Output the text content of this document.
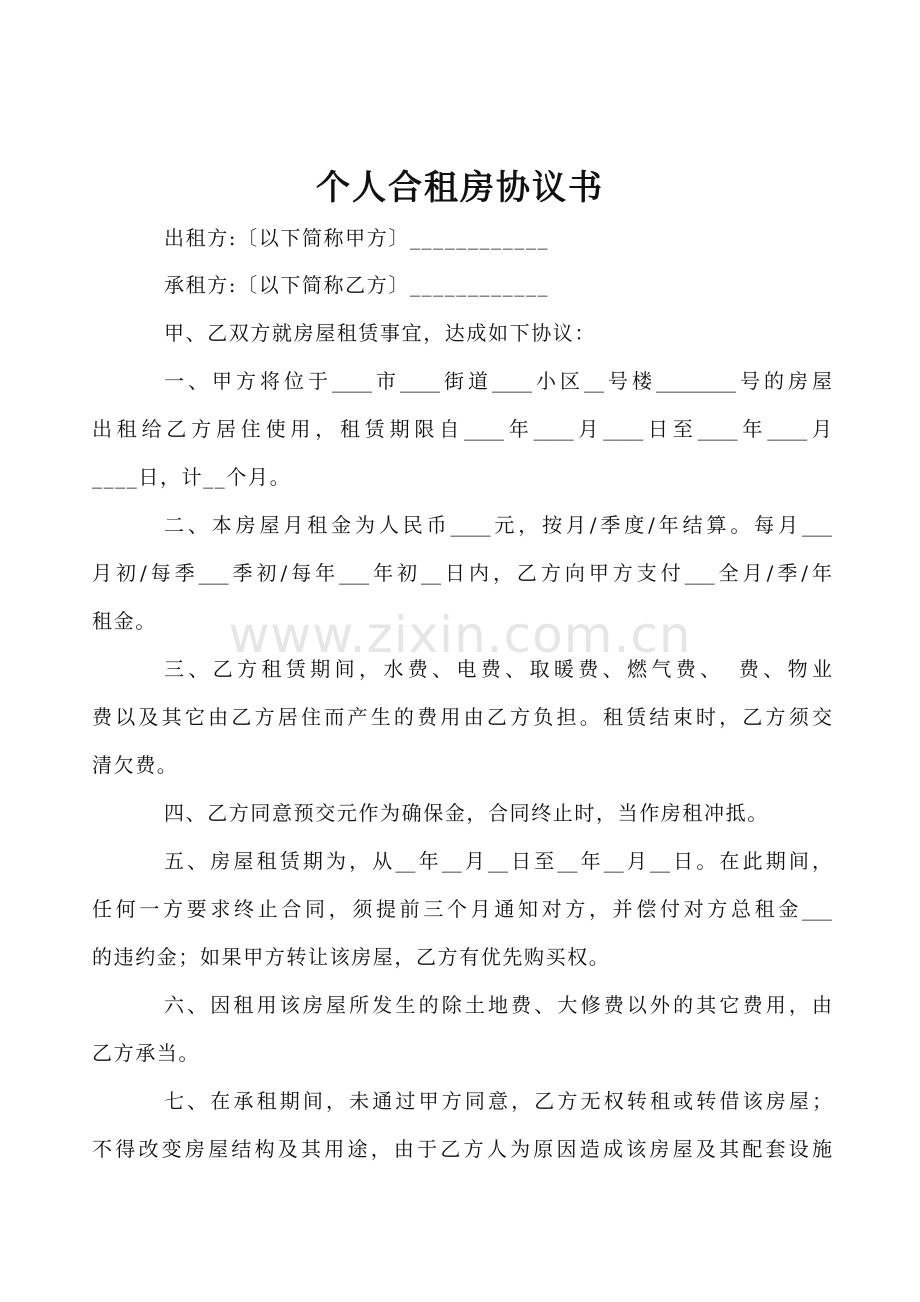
www.zixin.com.cn
个人合租房协议书
出租方:〔以下简称甲方〕____________
承租方:〔以下简称乙方〕____________
甲、乙双方就房屋租赁事宜，达成如下协议：
一、甲方将位于____市____街道____小区__号楼________号的房屋
出租给乙方居住使用，租赁期限自____年____月____日至____年____月
____日，计__个月。
二、本房屋月租金为人民币____元，按月/季度/年结算。每月___
月初/每季___季初/每年___年初__日内，乙方向甲方支付___全月/季/年
租金。
三、乙方租赁期间，水费、电费、取暖费、燃气费、　费、物业
费以及其它由乙方居住而产生的费用由乙方负担。租赁结束时，乙方须交
清欠费。
四、乙方同意预交元作为确保金，合同终止时，当作房租冲抵。
五、房屋租赁期为，从__年__月__日至__年__月__日。在此期间，
任何一方要求终止合同，须提前三个月通知对方，并偿付对方总租金___
的违约金；如果甲方转让该房屋，乙方有优先购买权。
六、因租用该房屋所发生的除土地费、大修费以外的其它费用，由
乙方承当。
七、在承租期间，未通过甲方同意，乙方无权转租或转借该房屋；
不得改变房屋结构及其用途，由于乙方人为原因造成该房屋及其配套设施
